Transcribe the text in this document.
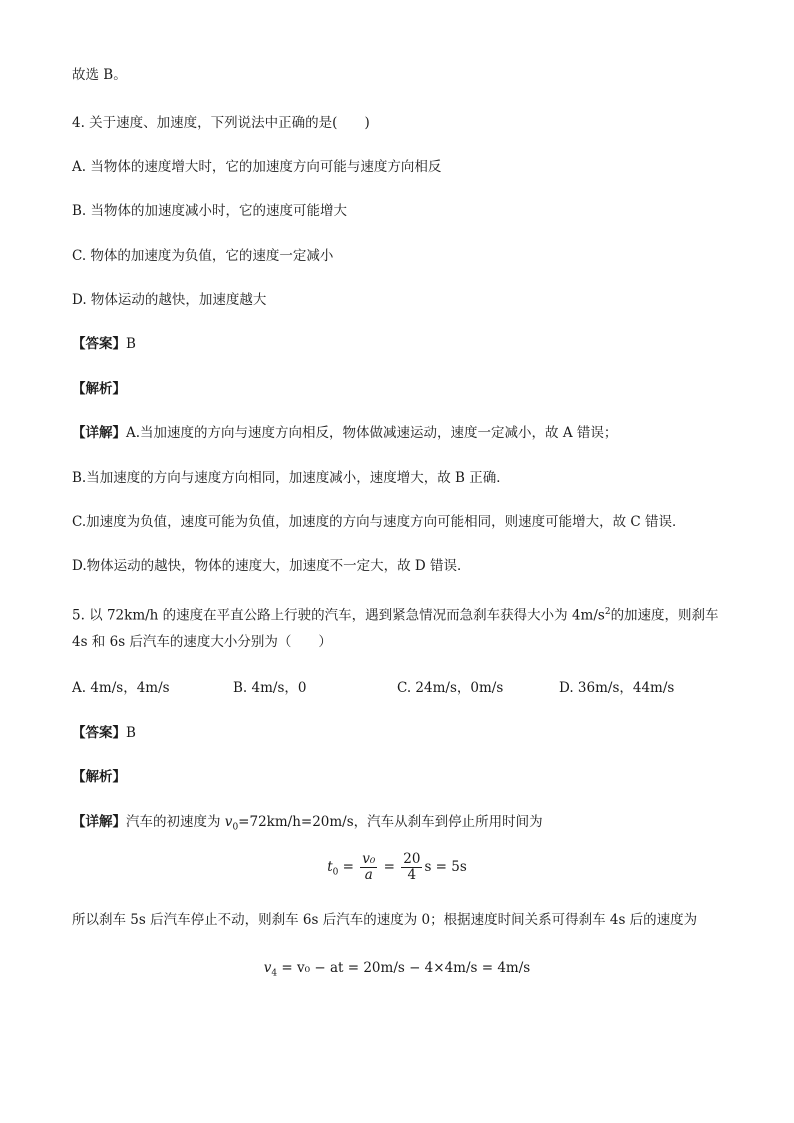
故选 B。
4. 关于速度、加速度，下列说法中正确的是(　　)
A. 当物体的速度增大时，它的加速度方向可能与速度方向相反
B. 当物体的加速度减小时，它的速度可能增大
C. 物体的加速度为负值，它的速度一定减小
D. 物体运动的越快，加速度越大
【答案】B
【解析】
【详解】A.当加速度的方向与速度方向相反，物体做减速运动，速度一定减小，故 A 错误；
B.当加速度的方向与速度方向相同，加速度减小，速度增大，故 B 正确．
C.加速度为负值，速度可能为负值，加速度的方向与速度方向可能相同，则速度可能增大，故 C 错误．
D.物体运动的越快，物体的速度大，加速度不一定大，故 D 错误．
5. 以 72km/h 的速度在平直公路上行驶的汽车，遇到紧急情况而急刹车获得大小为 $4m/s^2$的加速度，则刹车
4s 和 6s 后汽车的速度大小分别为（　　）
A. 4m/s，4m/s	B. 4m/s，0	C. 24m/s，0m/s	D. 36m/s，44m/s
【答案】B
【解析】
【详解】汽车的初速度为 $v_0=72km/h=20m/s$，汽车从刹车到停止所用时间为
$t_0 = \frac{\text{v₀}}{a} = \frac{20}{4}$ s = 5s
所以刹车 5s 后汽车停止不动，则刹车 6s 后汽车的速度为 0；根据速度时间关系可得刹车 4s 后的速度为
$v_4 = v_0$ − at = 20m/s − 4×4m/s = 4m/s
